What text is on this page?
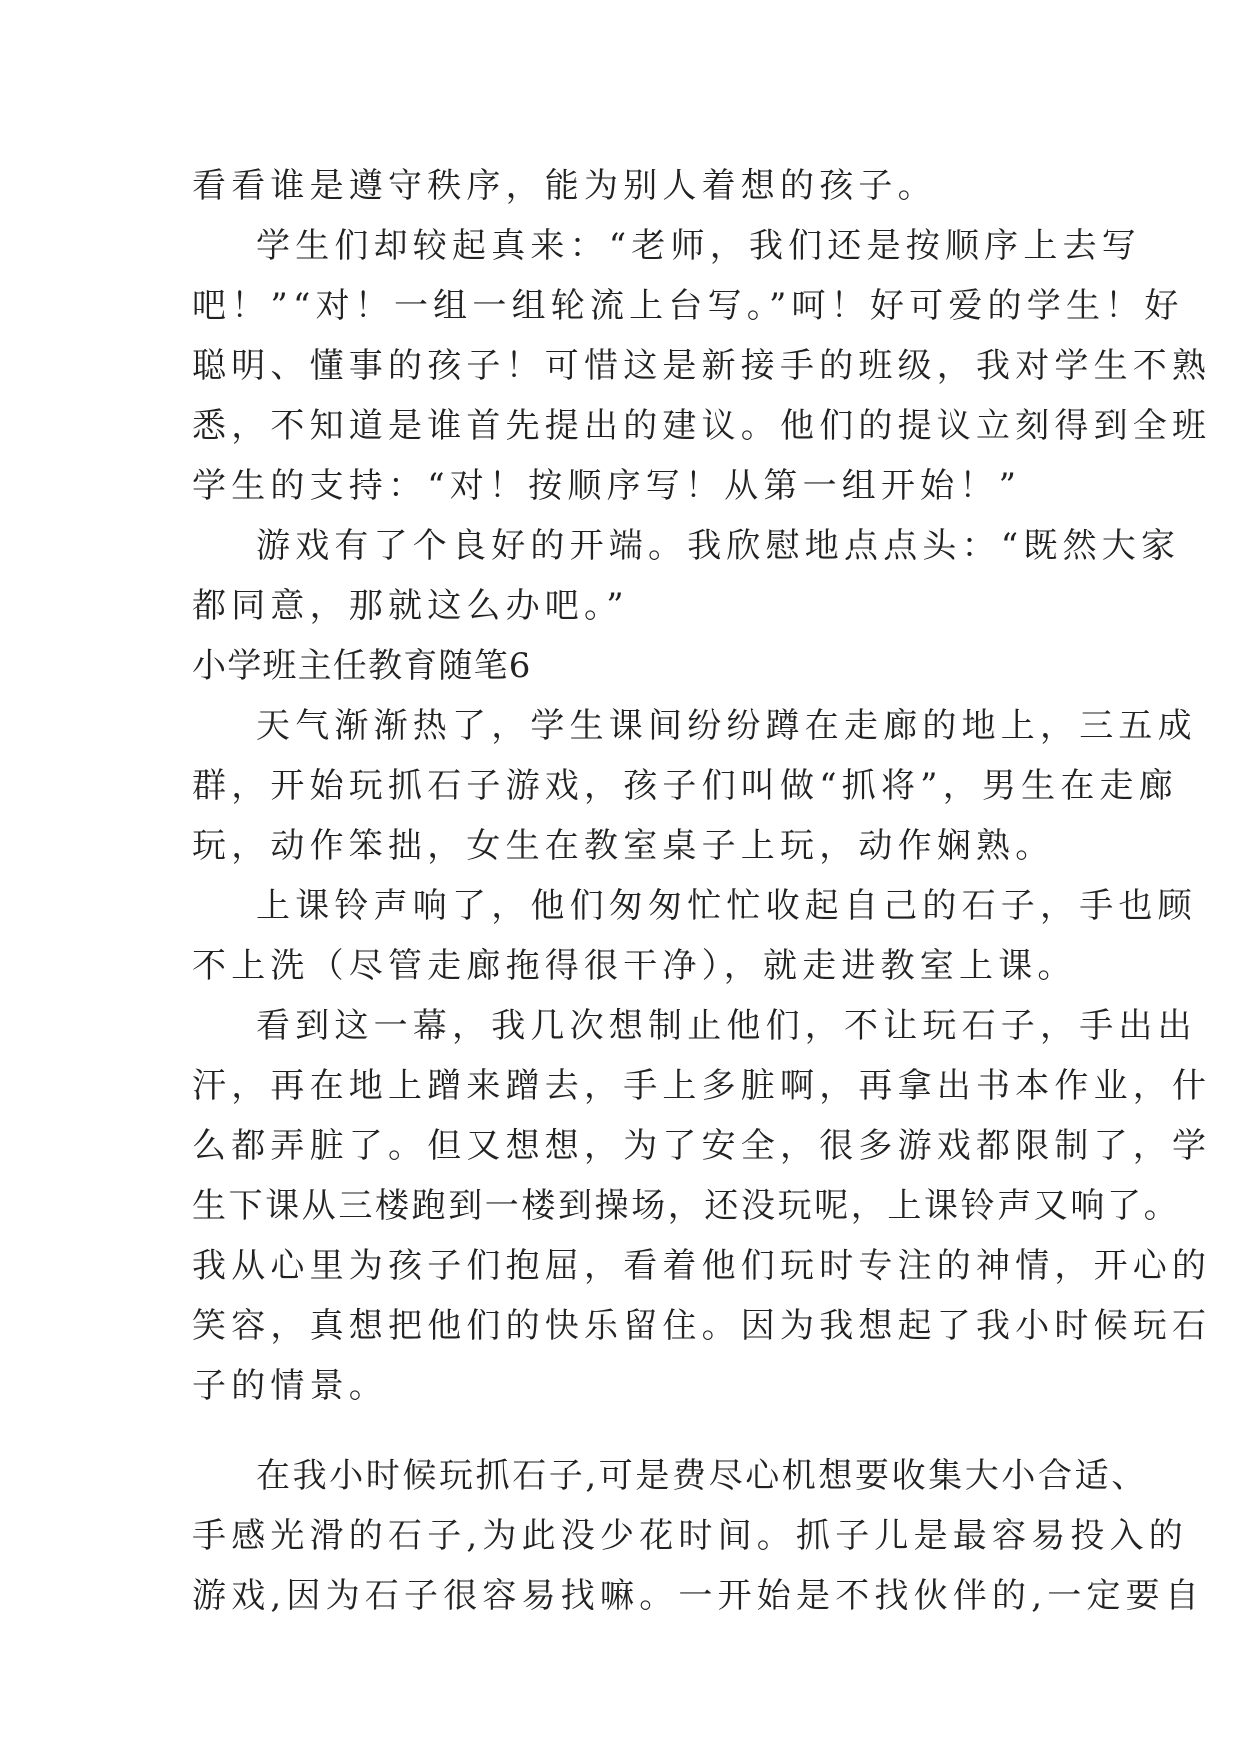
看看谁是遵守秩序，能为别人着想的孩子。
学生们却较起真来：“老师，我们还是按顺序上去写
吧！”“对！一组一组轮流上台写。”呵！好可爱的学生！好
聪明、懂事的孩子！可惜这是新接手的班级，我对学生不熟
悉，不知道是谁首先提出的建议。他们的提议立刻得到全班
学生的支持：“对！按顺序写！从第一组开始！”
游戏有了个良好的开端。我欣慰地点点头：“既然大家
都同意，那就这么办吧。”
小学班主任教育随笔6
天气渐渐热了，学生课间纷纷蹲在走廊的地上，三五成
群，开始玩抓石子游戏，孩子们叫做“抓将”，男生在走廊
玩，动作笨拙，女生在教室桌子上玩，动作娴熟。
上课铃声响了，他们匆匆忙忙收起自己的石子，手也顾
不上洗（尽管走廊拖得很干净），就走进教室上课。
看到这一幕，我几次想制止他们，不让玩石子，手出出
汗，再在地上蹭来蹭去，手上多脏啊，再拿出书本作业，什
么都弄脏了。但又想想，为了安全，很多游戏都限制了，学
生下课从三楼跑到一楼到操场，还没玩呢，上课铃声又响了。
我从心里为孩子们抱屈，看着他们玩时专注的神情，开心的
笑容，真想把他们的快乐留住。因为我想起了我小时候玩石
子的情景。
在我小时候玩抓石子,可是费尽心机想要收集大小合适、
手感光滑的石子,为此没少花时间。抓子儿是最容易投入的
游戏,因为石子很容易找嘛。一开始是不找伙伴的,一定要自
